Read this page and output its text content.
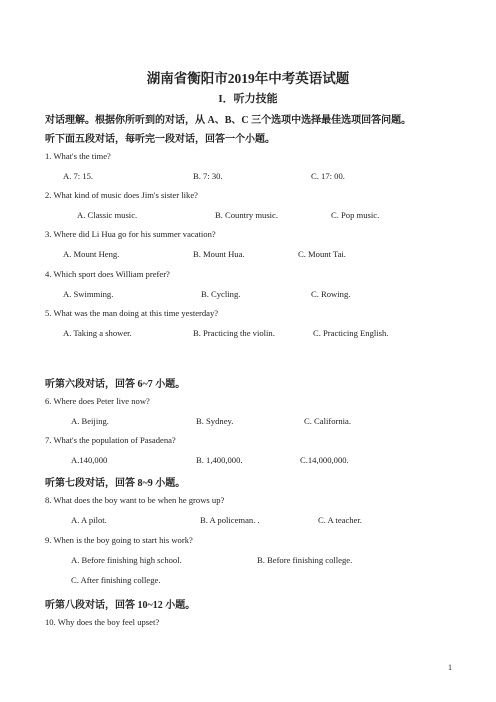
湖南省衡阳市2019年中考英语试题
I．听力技能
对话理解。根据你所听到的对话，从 A、B、C 三个选项中选择最佳选项回答问题。
听下面五段对话，每听完一段对话，回答一个小题。
1. What's the time?
A. 7: 15.	B. 7: 30.	C. 17: 00.
2. What kind of music does Jim's sister like?
A. Classic music.	B. Country music.	C. Pop music.
3. Where did Li Hua go for his summer vacation?
A. Mount Heng.	B. Mount Hua.	C. Mount Tai.
4. Which sport does William prefer?
A. Swimming.	B. Cycling.	C. Rowing.
5. What was the man doing at this time yesterday?
A. Taking a shower.	B. Practicing the violin.	C. Practicing English.
听第六段对话，回答 6~7 小题。
6. Where does Peter live now?
A. Beijing.	B. Sydney.	C. California.
7. What's the population of Pasadena?
A.140,000	B. 1,400,000.	C.14,000,000.
听第七段对话，回答 8~9 小题。
8. What does the boy want to be when he grows up?
A. A pilot.	B. A policeman. .	C. A teacher.
9. When is the boy going to start his work?
A. Before finishing high school.	B. Before finishing college.
C. After finishing college.
听第八段对话，回答 10~12 小题。
10. Why does the boy feel upset?
1
